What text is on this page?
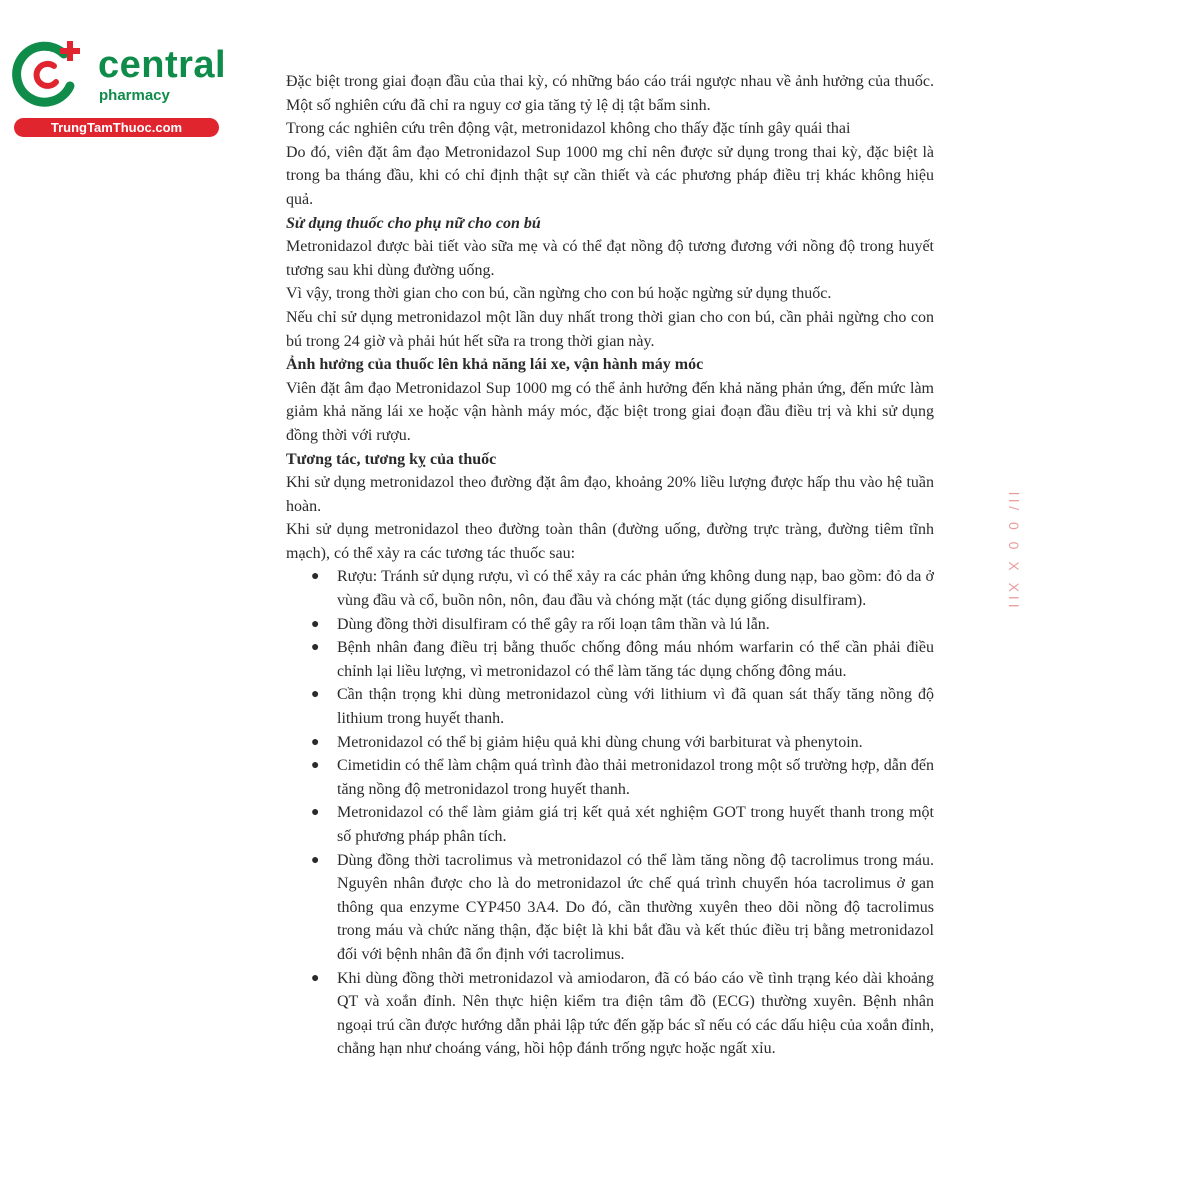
central
pharmacy
TrungTamThuoc.com
ll/ 0 0 X XII

Đặc biệt trong giai đoạn đầu của thai kỳ, có những báo cáo trái ngược nhau về ảnh hưởng của thuốc. Một số nghiên cứu đã chỉ ra nguy cơ gia tăng tỷ lệ dị tật bẩm sinh.

Trong các nghiên cứu trên động vật, metronidazol không cho thấy đặc tính gây quái thai

Do đó, viên đặt âm đạo Metronidazol Sup 1000 mg chỉ nên được sử dụng trong thai kỳ, đặc biệt là trong ba tháng đầu, khi có chỉ định thật sự cần thiết và các phương pháp điều trị khác không hiệu quả.

Sử dụng thuốc cho phụ nữ cho con bú

Metronidazol được bài tiết vào sữa mẹ và có thể đạt nồng độ tương đương với nồng độ trong huyết tương sau khi dùng đường uống.

Vì vậy, trong thời gian cho con bú, cần ngừng cho con bú hoặc ngừng sử dụng thuốc.

Nếu chỉ sử dụng metronidazol một lần duy nhất trong thời gian cho con bú, cần phải ngừng cho con bú trong 24 giờ và phải hút hết sữa ra trong thời gian này.

Ảnh hưởng của thuốc lên khả năng lái xe, vận hành máy móc

Viên đặt âm đạo Metronidazol Sup 1000 mg có thể ảnh hưởng đến khả năng phản ứng, đến mức làm giảm khả năng lái xe hoặc vận hành máy móc, đặc biệt trong giai đoạn đầu điều trị và khi sử dụng đồng thời với rượu.

Tương tác, tương kỵ của thuốc

Khi sử dụng metronidazol theo đường đặt âm đạo, khoảng 20% liều lượng được hấp thu vào hệ tuần hoàn.

Khi sử dụng metronidazol theo đường toàn thân (đường uống, đường trực tràng, đường tiêm tĩnh mạch), có thể xảy ra các tương tác thuốc sau:

● Rượu: Tránh sử dụng rượu, vì có thể xảy ra các phản ứng không dung nạp, bao gồm: đỏ da ở vùng đầu và cổ, buồn nôn, nôn, đau đầu và chóng mặt (tác dụng giống disulfiram).
● Dùng đồng thời disulfiram có thể gây ra rối loạn tâm thần và lú lẫn.
● Bệnh nhân đang điều trị bằng thuốc chống đông máu nhóm warfarin có thể cần phải điều chỉnh lại liều lượng, vì metronidazol có thể làm tăng tác dụng chống đông máu.
● Cần thận trọng khi dùng metronidazol cùng với lithium vì đã quan sát thấy tăng nồng độ lithium trong huyết thanh.
● Metronidazol có thể bị giảm hiệu quả khi dùng chung với barbiturat và phenytoin.
● Cimetidin có thể làm chậm quá trình đào thải metronidazol trong một số trường hợp, dẫn đến tăng nồng độ metronidazol trong huyết thanh.
● Metronidazol có thể làm giảm giá trị kết quả xét nghiệm GOT trong huyết thanh trong một số phương pháp phân tích.
● Dùng đồng thời tacrolimus và metronidazol có thể làm tăng nồng độ tacrolimus trong máu. Nguyên nhân được cho là do metronidazol ức chế quá trình chuyển hóa tacrolimus ở gan thông qua enzyme CYP450 3A4. Do đó, cần thường xuyên theo dõi nồng độ tacrolimus trong máu và chức năng thận, đặc biệt là khi bắt đầu và kết thúc điều trị bằng metronidazol đối với bệnh nhân đã ổn định với tacrolimus.
● Khi dùng đồng thời metronidazol và amiodaron, đã có báo cáo về tình trạng kéo dài khoảng QT và xoắn đỉnh. Nên thực hiện kiểm tra điện tâm đồ (ECG) thường xuyên. Bệnh nhân ngoại trú cần được hướng dẫn phải lập tức đến gặp bác sĩ nếu có các dấu hiệu của xoắn đỉnh, chẳng hạn như choáng váng, hồi hộp đánh trống ngực hoặc ngất xỉu.
